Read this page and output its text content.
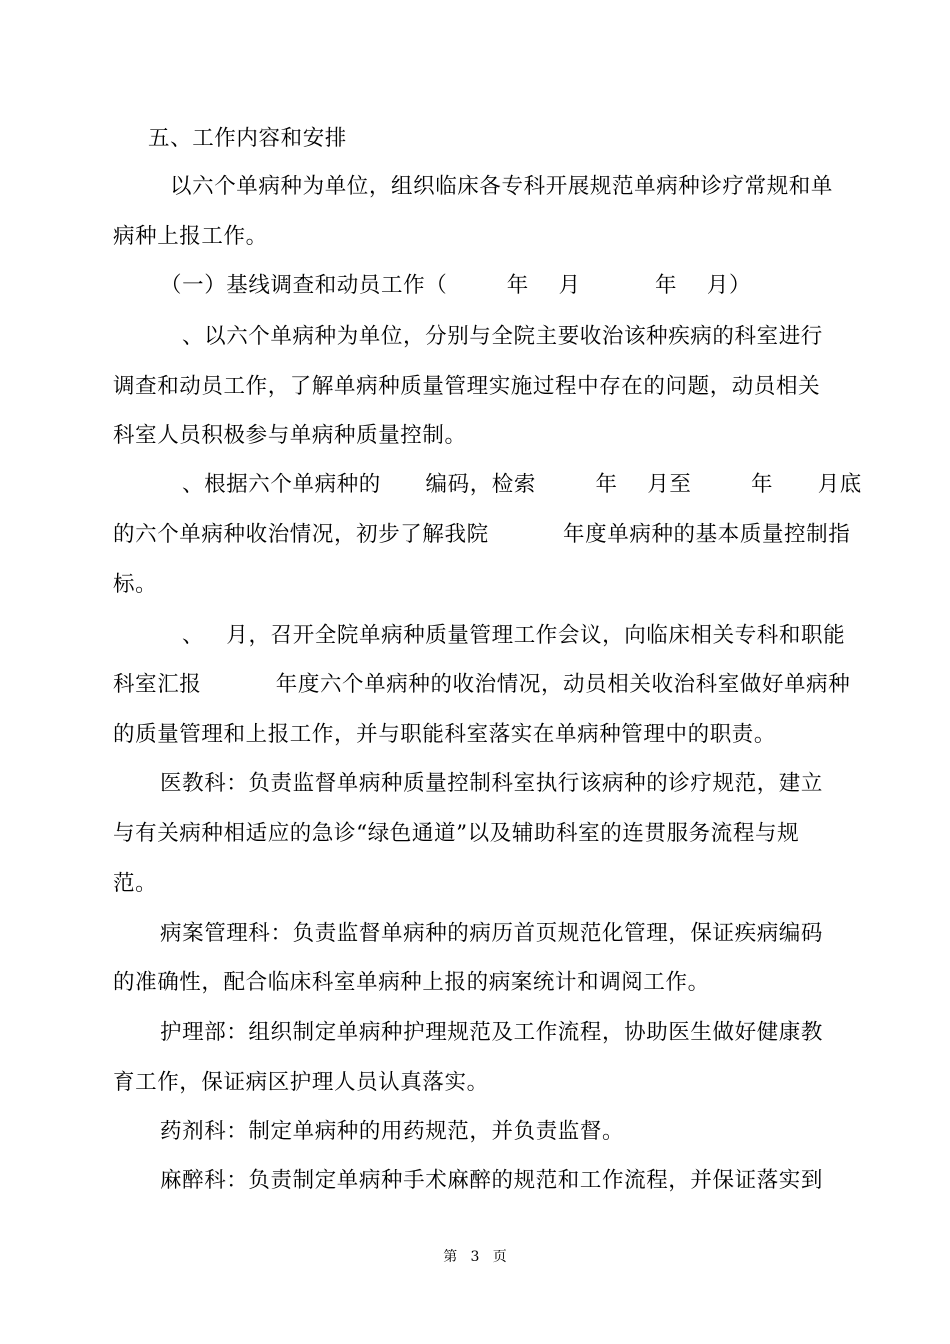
五、工作内容和安排
以六个单病种为单位，组织临床各专科开展规范单病种诊疗常规和单
病种上报工作。
（一）基线调查和动员工作（        年    月          年    月）
、以六个单病种为单位，分别与全院主要收治该种疾病的科室进行
调查和动员工作，了解单病种质量管理实施过程中存在的问题，动员相关
科室人员积极参与单病种质量控制。
、根据六个单病种的      编码，检索        年    月至        年      月底
的六个单病种收治情况，初步了解我院          年度单病种的基本质量控制指
标。
、   月，召开全院单病种质量管理工作会议，向临床相关专科和职能
科室汇报          年度六个单病种的收治情况，动员相关收治科室做好单病种
的质量管理和上报工作，并与职能科室落实在单病种管理中的职责。
医教科：负责监督单病种质量控制科室执行该病种的诊疗规范，建立
与有关病种相适应的急诊“绿色通道”以及辅助科室的连贯服务流程与规
范。
病案管理科：负责监督单病种的病历首页规范化管理，保证疾病编码
的准确性，配合临床科室单病种上报的病案统计和调阅工作。
护理部：组织制定单病种护理规范及工作流程，协助医生做好健康教
育工作，保证病区护理人员认真落实。
药剂科：制定单病种的用药规范，并负责监督。
麻醉科：负责制定单病种手术麻醉的规范和工作流程，并保证落实到
第   3   页
